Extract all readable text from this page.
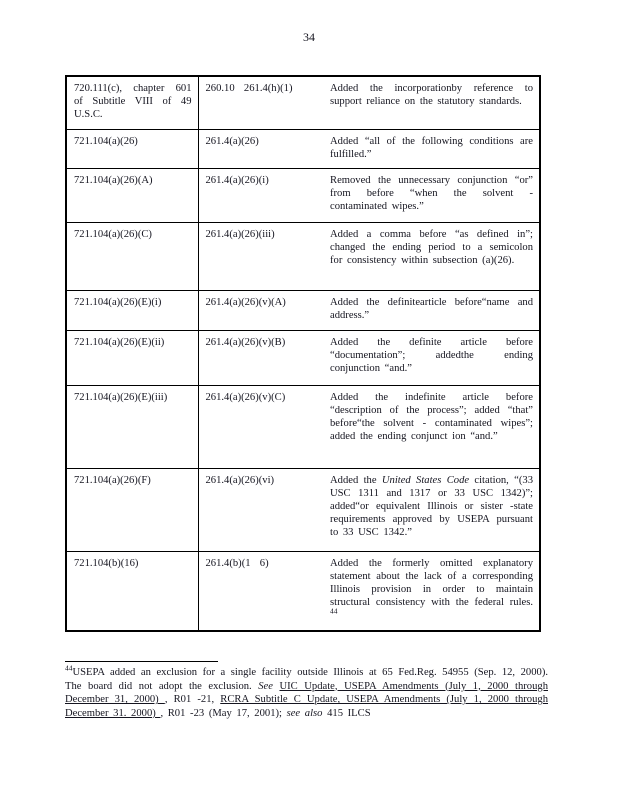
34
720.111(c), chapter 601 of Subtitle VIII of 49 U.S.C.	260.10  261.4(h)(1)	Added the incorporationby reference to support reliance on the statutory standards.
721.104(a)(26)	261.4(a)(26)	Added “all of the following conditions are fulfilled.”
721.104(a)(26)(A)	261.4(a)(26)(i)	Removed the unnecessary conjunction “or” from before “when the solvent - contaminated wipes.”
721.104(a)(26)(C)	261.4(a)(26)(iii)	Added a comma before “as defined in”; changed the ending period to a semicolon for consistency within subsection (a)(26).
721.104(a)(26)(E)(i)	261.4(a)(26)(v)(A)	Added the definitearticle before“name and address.”
721.104(a)(26)(E)(ii)	261.4(a)(26)(v)(B)	Added the definite article before “documentation”; addedthe ending conjunction “and.”
721.104(a)(26)(E)(iii)	261.4(a)(26)(v)(C)	Added the indefinite article before “description of the process”; added “that” before“the solvent - contaminated wipes”; added the ending conjunct ion “and.”
721.104(a)(26)(F)	261.4(a)(26)(vi)	Added the United States Code citation, “(33 USC 1311 and 1317 or 33 USC 1342)”; added“or equivalent Illinois or sister -state requirements approved by USEPA pursuant to 33 USC 1342.”
721.104(b)(16)	261.4(b)(1  6)	Added the formerly omitted explanatory statement about the lack of a corresponding Illinois provision in order to maintain structural consistency with the federal rules. $^{44}$
$^{44}$USEPA added an exclusion for a single facility outside Illinois at 65 Fed.Reg. 54955 (Sep. 12, 2000). The board did not adopt the exclusion. See UIC Update, USEPA Amendments (July 1, 2000 through December 31, 2000) , R01 -21, RCRA Subtitle C Update, USEPA Amendments (July 1, 2000 through December 31. 2000) , R01 -23 (May 17, 2001); see also 415 ILCS
